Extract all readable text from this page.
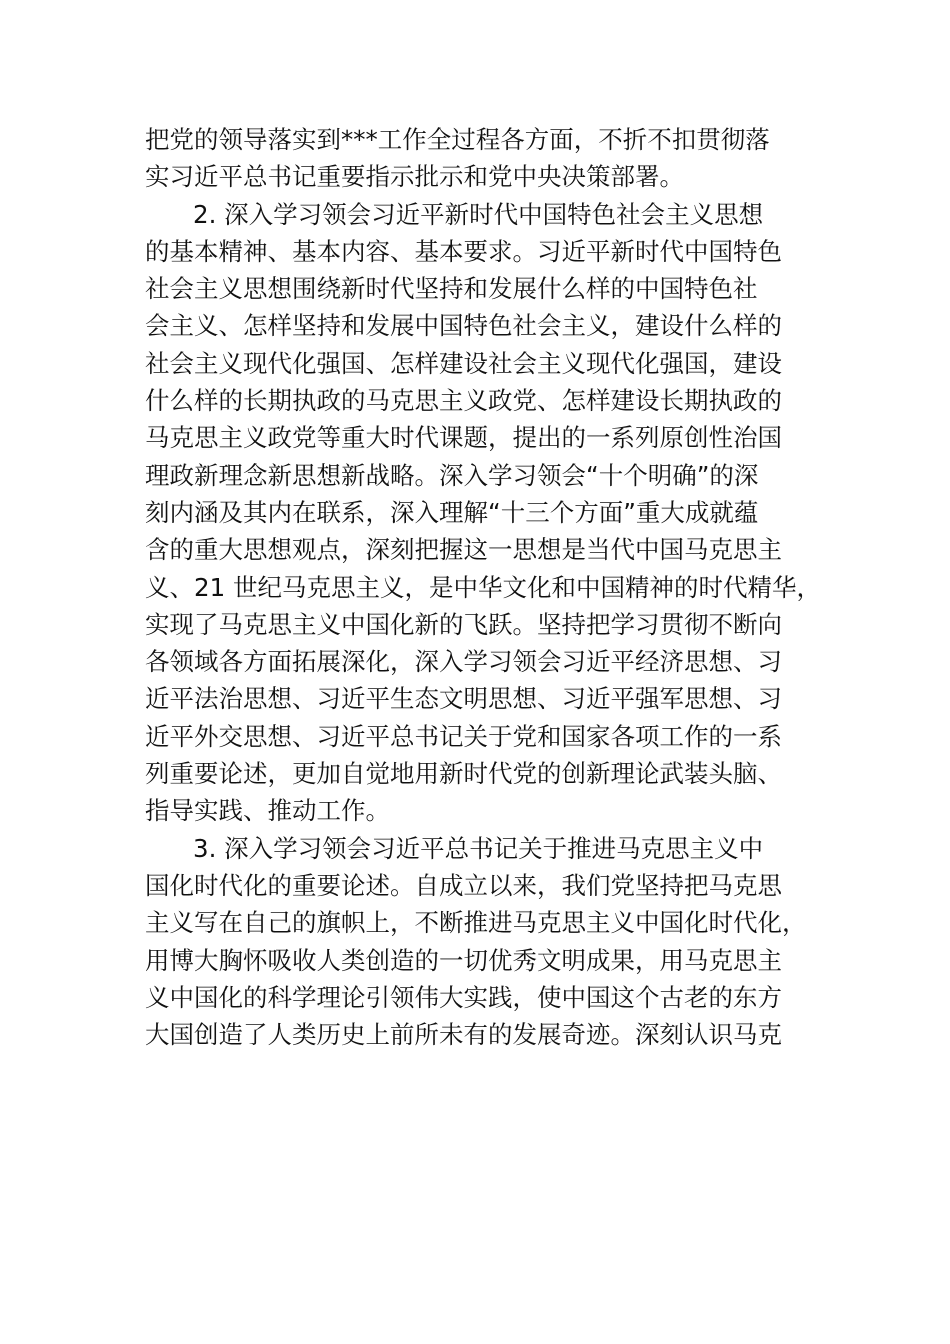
把党的领导落实到***工作全过程各方面，不折不扣贯彻落
实习近平总书记重要指示批示和党中央决策部署。
2. 深入学习领会习近平新时代中国特色社会主义思想
的基本精神、基本内容、基本要求。习近平新时代中国特色
社会主义思想围绕新时代坚持和发展什么样的中国特色社
会主义、怎样坚持和发展中国特色社会主义，建设什么样的
社会主义现代化强国、怎样建设社会主义现代化强国，建设
什么样的长期执政的马克思主义政党、怎样建设长期执政的
马克思主义政党等重大时代课题，提出的一系列原创性治国
理政新理念新思想新战略。深入学习领会“十个明确”的深
刻内涵及其内在联系，深入理解“十三个方面”重大成就蕴
含的重大思想观点，深刻把握这一思想是当代中国马克思主
义、21 世纪马克思主义，是中华文化和中国精神的时代精华，
实现了马克思主义中国化新的飞跃。坚持把学习贯彻不断向
各领域各方面拓展深化，深入学习领会习近平经济思想、习
近平法治思想、习近平生态文明思想、习近平强军思想、习
近平外交思想、习近平总书记关于党和国家各项工作的一系
列重要论述，更加自觉地用新时代党的创新理论武装头脑、
指导实践、推动工作。
3. 深入学习领会习近平总书记关于推进马克思主义中
国化时代化的重要论述。自成立以来，我们党坚持把马克思
主义写在自己的旗帜上，不断推进马克思主义中国化时代化，
用博大胸怀吸收人类创造的一切优秀文明成果，用马克思主
义中国化的科学理论引领伟大实践，使中国这个古老的东方
大国创造了人类历史上前所未有的发展奇迹。深刻认识马克
